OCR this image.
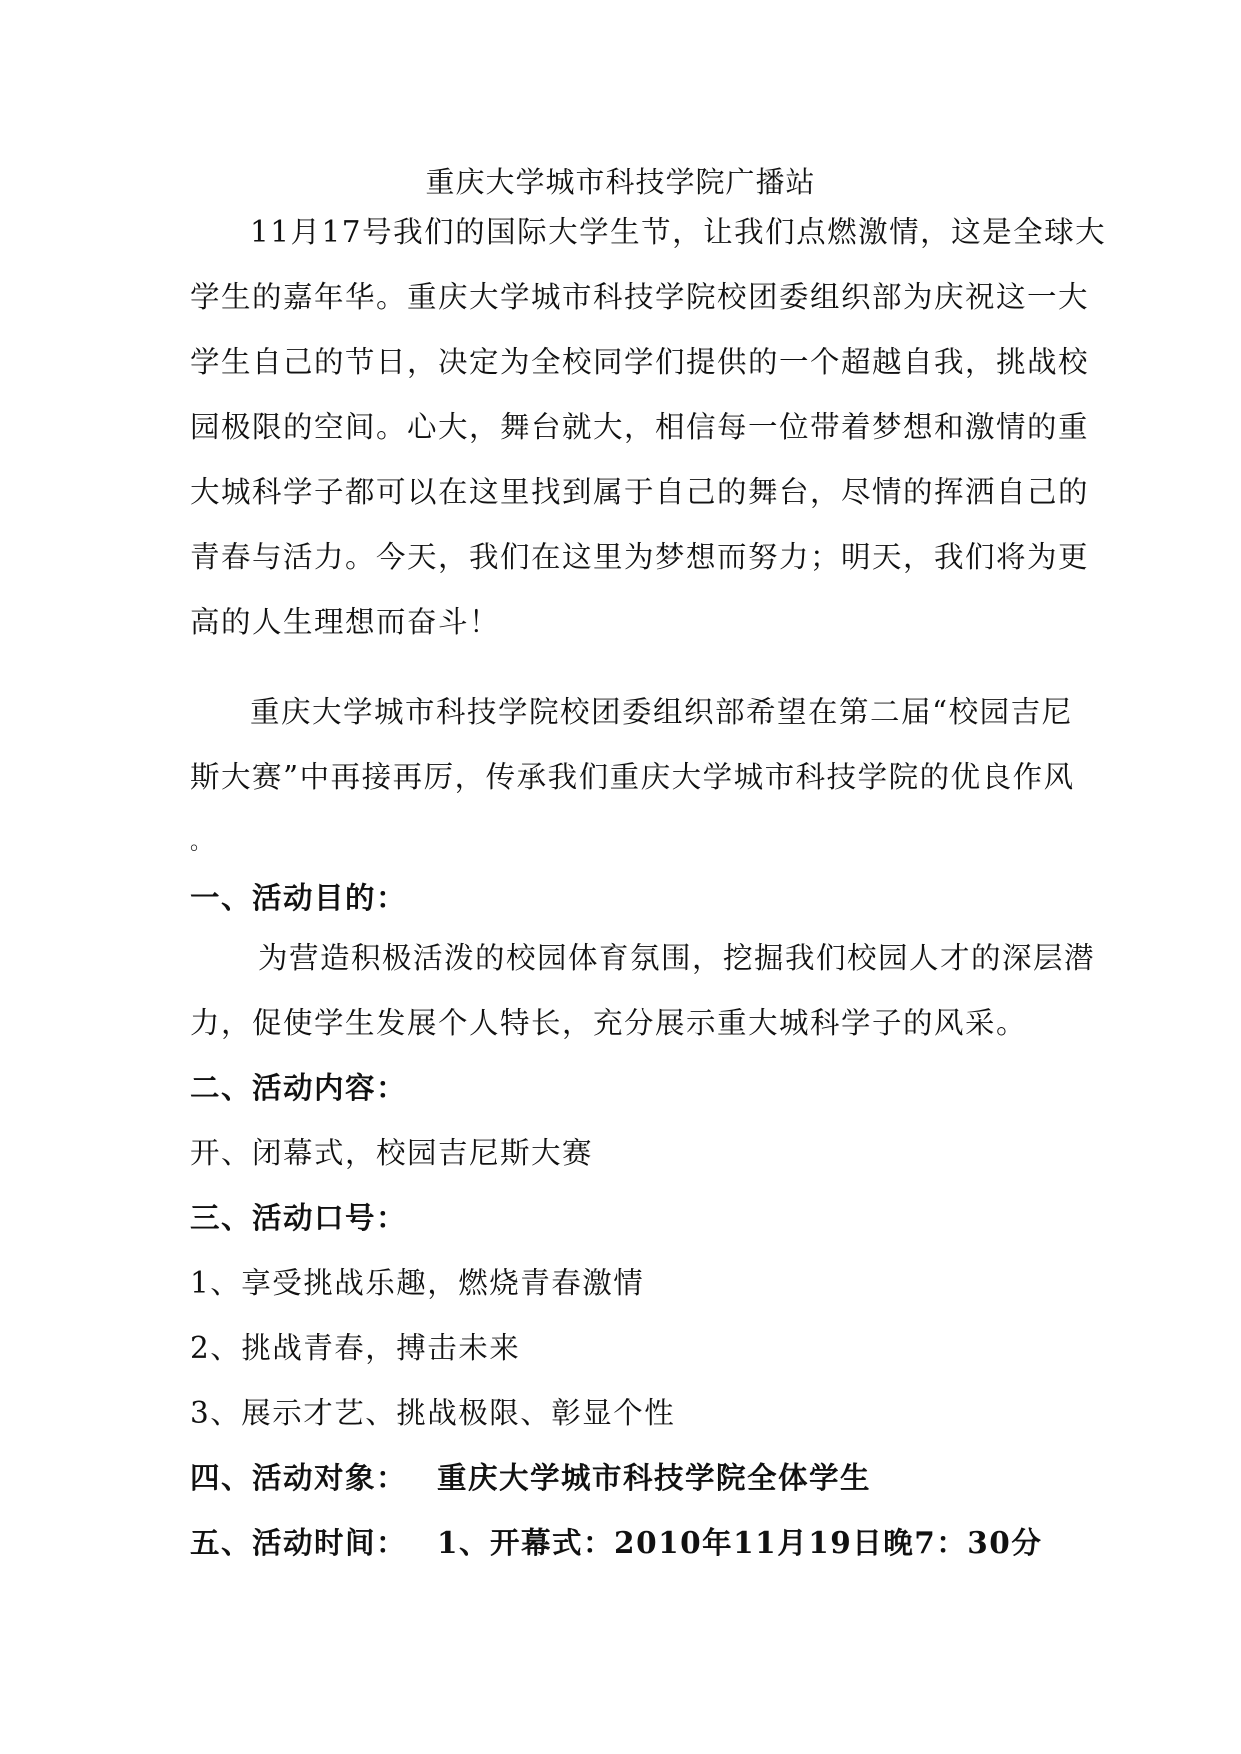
重庆大学城市科技学院广播站
11月17号我们的国际大学生节，让我们点燃激情，这是全球大
学生的嘉年华。重庆大学城市科技学院校团委组织部为庆祝这一大
学生自己的节日，决定为全校同学们提供的一个超越自我，挑战校
园极限的空间。心大，舞台就大，相信每一位带着梦想和激情的重
大城科学子都可以在这里找到属于自己的舞台，尽情的挥洒自己的
青春与活力。今天，我们在这里为梦想而努力；明天，我们将为更
高的人生理想而奋斗！
重庆大学城市科技学院校团委组织部希望在第二届“校园吉尼
斯大赛”中再接再厉，传承我们重庆大学城市科技学院的优良作风
。
一、活动目的：
为营造积极活泼的校园体育氛围，挖掘我们校园人才的深层潜
力，促使学生发展个人特长，充分展示重大城科学子的风采。
二、活动内容：
开、闭幕式，校园吉尼斯大赛
三、活动口号：
1、享受挑战乐趣，燃烧青春激情
2、挑战青春，搏击未来
3、展示才艺、挑战极限、彰显个性
四、活动对象： 重庆大学城市科技学院全体学生
五、活动时间： 1、开幕式：2010年11月19日晚7：30分
